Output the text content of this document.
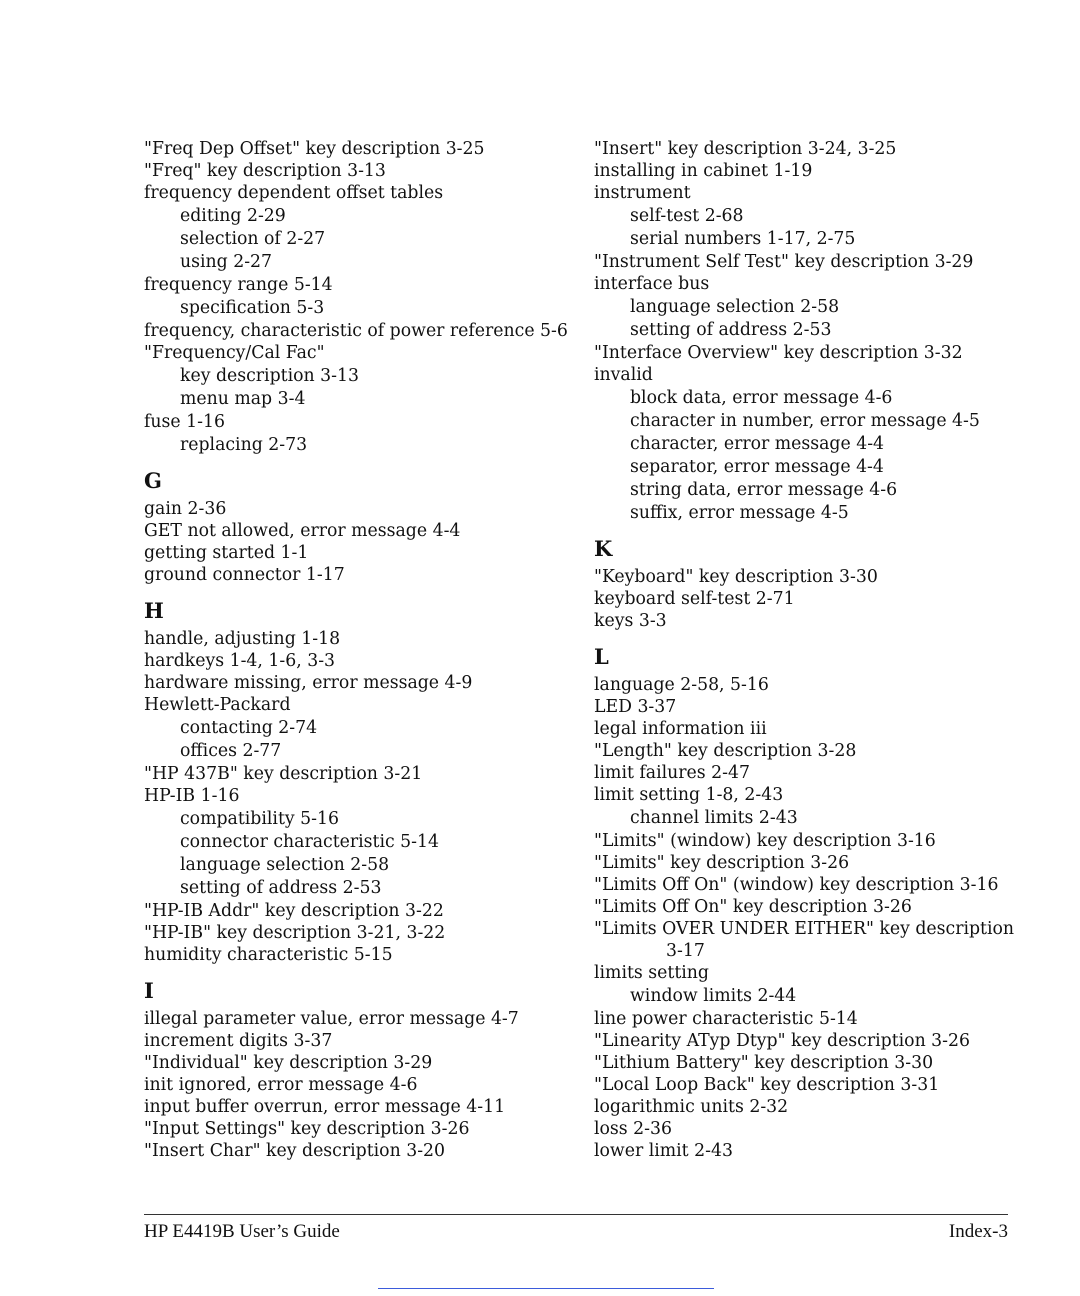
"Freq Dep Offset" key description 3-25
"Freq" key description 3-13
frequency dependent offset tables
editing 2-29
selection of 2-27
using 2-27
frequency range 5-14
specification 5-3
frequency, characteristic of power reference 5-6
"Frequency/Cal Fac"
key description 3-13
menu map 3-4
fuse 1-16
replacing 2-73
G
gain 2-36
GET not allowed, error message 4-4
getting started 1-1
ground connector 1-17
H
handle, adjusting 1-18
hardkeys 1-4, 1-6, 3-3
hardware missing, error message 4-9
Hewlett-Packard
contacting 2-74
offices 2-77
"HP 437B" key description 3-21
HP-IB 1-16
compatibility 5-16
connector characteristic 5-14
language selection 2-58
setting of address 2-53
"HP-IB Addr" key description 3-22
"HP-IB" key description 3-21, 3-22
humidity characteristic 5-15
I
illegal parameter value, error message 4-7
increment digits 3-37
"Individual" key description 3-29
init ignored, error message 4-6
input buffer overrun, error message 4-11
"Input Settings" key description 3-26
"Insert Char" key description 3-20
"Insert" key description 3-24, 3-25
installing in cabinet 1-19
instrument
self-test 2-68
serial numbers 1-17, 2-75
"Instrument Self Test" key description 3-29
interface bus
language selection 2-58
setting of address 2-53
"Interface Overview" key description 3-32
invalid
block data, error message 4-6
character in number, error message 4-5
character, error message 4-4
separator, error message 4-4
string data, error message 4-6
suffix, error message 4-5
K
"Keyboard" key description 3-30
keyboard self-test 2-71
keys 3-3
L
language 2-58, 5-16
LED 3-37
legal information iii
"Length" key description 3-28
limit failures 2-47
limit setting 1-8, 2-43
channel limits 2-43
"Limits" (window) key description 3-16
"Limits" key description 3-26
"Limits Off On" (window) key description 3-16
"Limits Off On" key description 3-26
"Limits OVER UNDER EITHER" key description
3-17
limits setting
window limits 2-44
line power characteristic 5-14
"Linearity ATyp Dtyp" key description 3-26
"Lithium Battery" key description 3-30
"Local Loop Back" key description 3-31
logarithmic units 2-32
loss 2-36
lower limit 2-43
HP E4419B User’s Guide	Index-3
